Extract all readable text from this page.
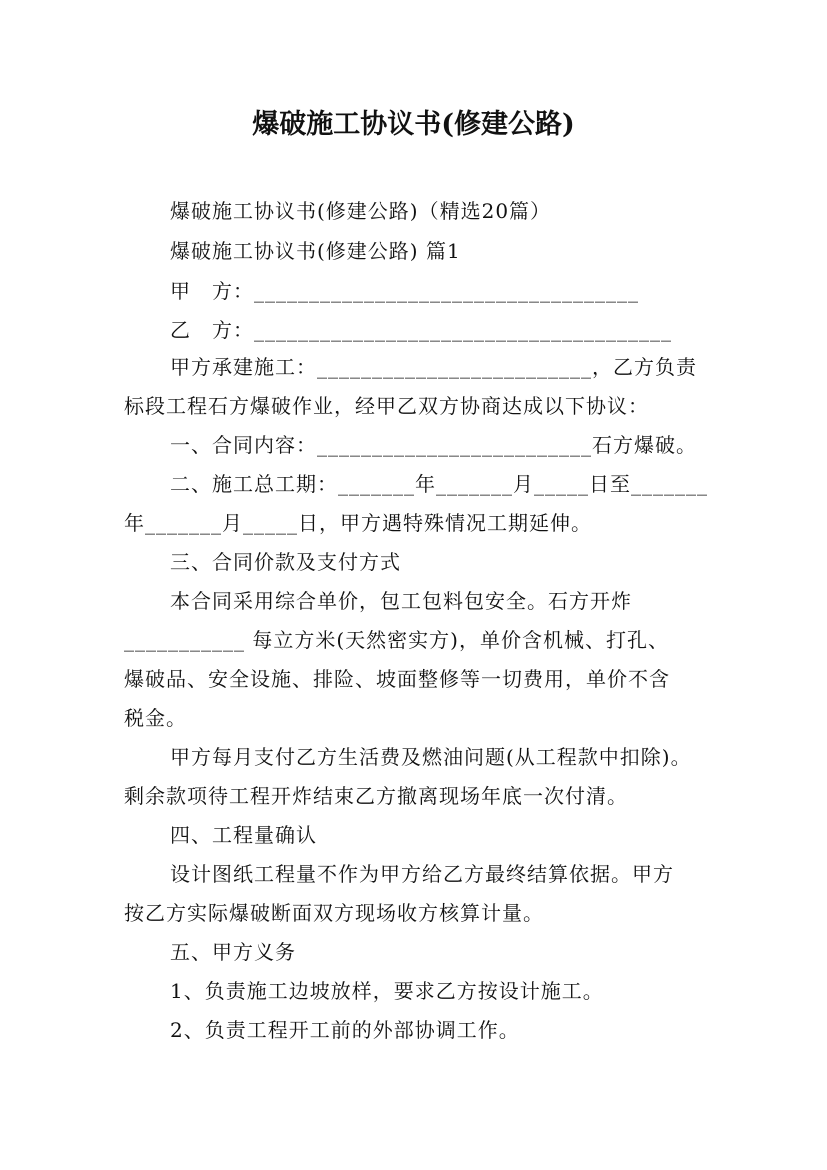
爆破施工协议书(修建公路)
爆破施工协议书(修建公路)（精选20篇）
爆破施工协议书(修建公路) 篇1
甲　方：___________________________________
乙　方：______________________________________
甲方承建施工：_________________________，乙方负责
标段工程石方爆破作业，经甲乙双方协商达成以下协议：
一、合同内容：_________________________石方爆破。
二、施工总工期：_______年_______月_____日至_______
年_______月_____日，甲方遇特殊情况工期延伸。
三、合同价款及支付方式
本合同采用综合单价，包工包料包安全。石方开炸
___________ 每立方米(天然密实方)，单价含机械、打孔、
爆破品、安全设施、排险、坡面整修等一切费用，单价不含
税金。
甲方每月支付乙方生活费及燃油问题(从工程款中扣除)。
剩余款项待工程开炸结束乙方撤离现场年底一次付清。
四、工程量确认
设计图纸工程量不作为甲方给乙方最终结算依据。甲方
按乙方实际爆破断面双方现场收方核算计量。
五、甲方义务
1、负责施工边坡放样，要求乙方按设计施工。
2、负责工程开工前的外部协调工作。
